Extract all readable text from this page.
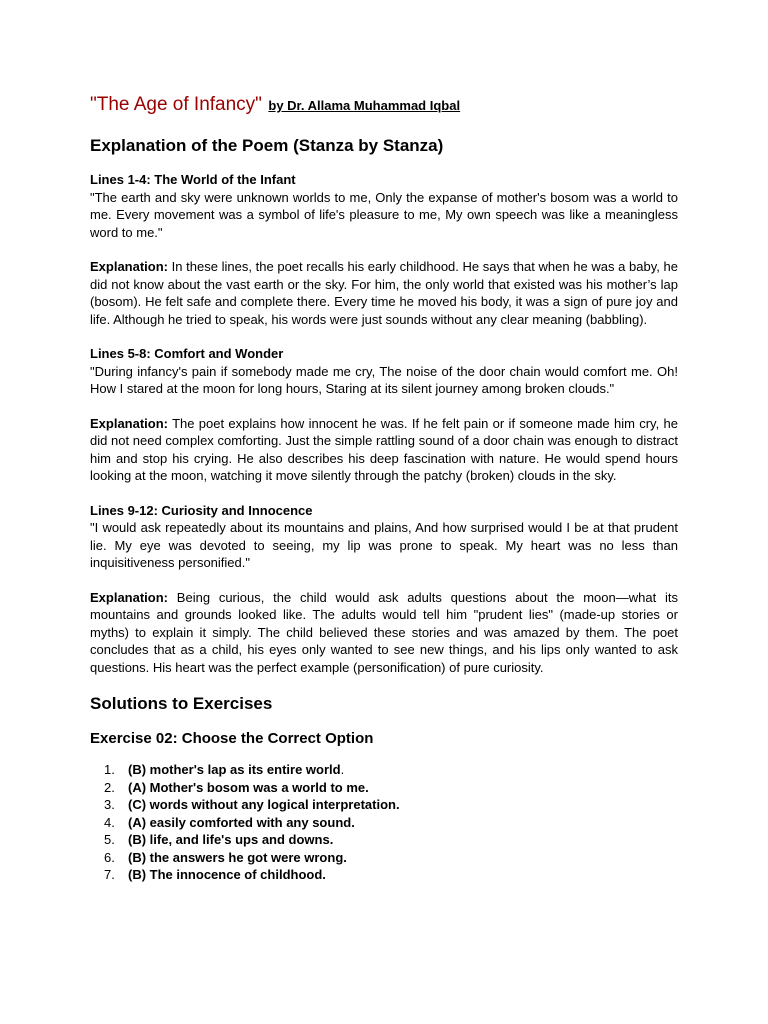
"The Age of Infancy" by Dr. Allama Muhammad Iqbal
Explanation of the Poem (Stanza by Stanza)
Lines 1-4: The World of the Infant

"The earth and sky were unknown worlds to me, Only the expanse of mother's bosom was a world to me. Every movement was a symbol of life's pleasure to me, My own speech was like a meaningless word to me."

Explanation: In these lines, the poet recalls his early childhood. He says that when he was a baby, he did not know about the vast earth or the sky. For him, the only world that existed was his mother’s lap (bosom). He felt safe and complete there. Every time he moved his body, it was a sign of pure joy and life. Although he tried to speak, his words were just sounds without any clear meaning (babbling).

Lines 5-8: Comfort and Wonder

"During infancy's pain if somebody made me cry, The noise of the door chain would comfort me. Oh! How I stared at the moon for long hours, Staring at its silent journey among broken clouds."

Explanation: The poet explains how innocent he was. If he felt pain or if someone made him cry, he did not need complex comforting. Just the simple rattling sound of a door chain was enough to distract him and stop his crying. He also describes his deep fascination with nature. He would spend hours looking at the moon, watching it move silently through the patchy (broken) clouds in the sky.

Lines 9-12: Curiosity and Innocence

"I would ask repeatedly about its mountains and plains, And how surprised would I be at that prudent lie. My eye was devoted to seeing, my lip was prone to speak. My heart was no less than inquisitiveness personified."

Explanation: Being curious, the child would ask adults questions about the moon—what its mountains and grounds looked like. The adults would tell him "prudent lies" (made-up stories or myths) to explain it simply. The child believed these stories and was amazed by them. The poet concludes that as a child, his eyes only wanted to see new things, and his lips only wanted to ask questions. His heart was the perfect example (personification) of pure curiosity.

Solutions to Exercises
Exercise 02: Choose the Correct Option
1. (B) mother's lap as its entire world.
2. (A) Mother's bosom was a world to me.
3. (C) words without any logical interpretation.
4. (A) easily comforted with any sound.
5. (B) life, and life's ups and downs.
6. (B) the answers he got were wrong.
7. (B) The innocence of childhood.
